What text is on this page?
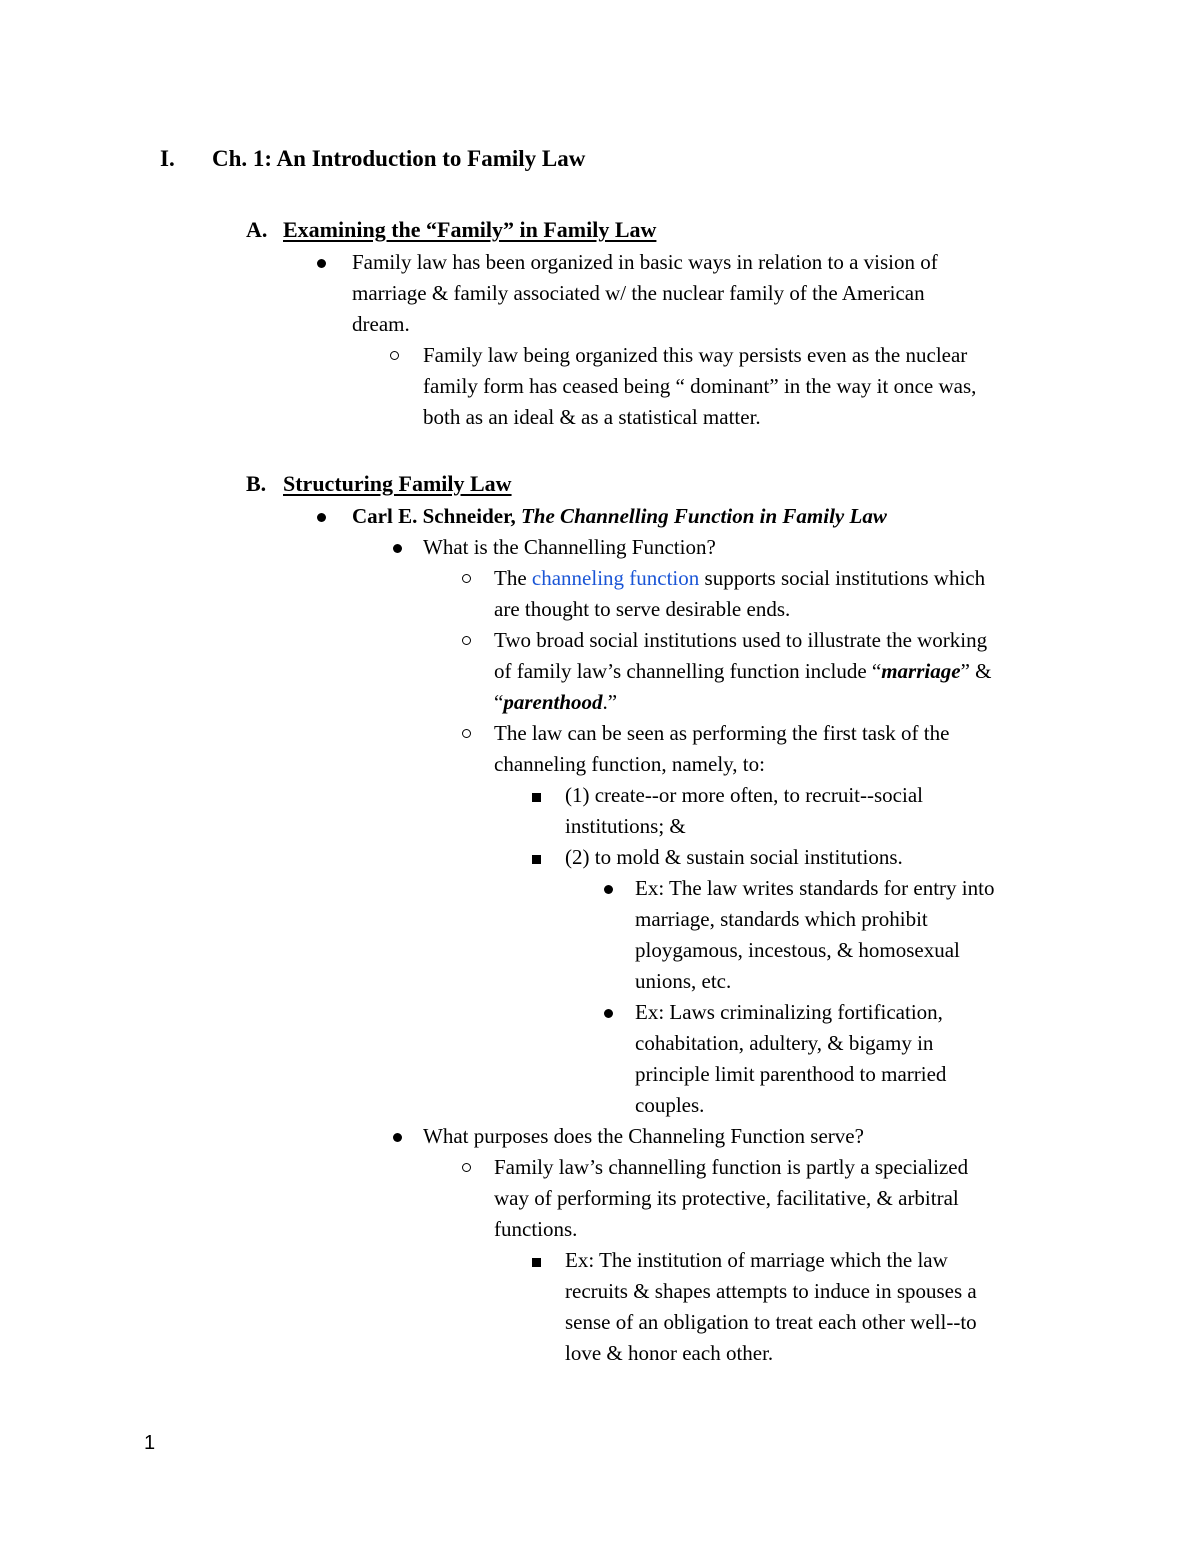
I. Ch. 1: An Introduction to Family Law
A. Examining the “Family” in Family Law
Family law has been organized in basic ways in relation to a vision of
marriage & family associated w/ the nuclear family of the American
dream.
Family law being organized this way persists even as the nuclear
family form has ceased being “ dominant” in the way it once was,
both as an ideal & as a statistical matter.
B. Structuring Family Law
Carl E. Schneider, The Channelling Function in Family Law
What is the Channelling Function?
The channeling function supports social institutions which
are thought to serve desirable ends.
Two broad social institutions used to illustrate the working
of family law’s channelling function include “marriage” &
“parenthood.”
The law can be seen as performing the first task of the
channeling function, namely, to:
(1) create--or more often, to recruit--social
institutions; &
(2) to mold & sustain social institutions.
Ex: The law writes standards for entry into
marriage, standards which prohibit
ploygamous, incestous, & homosexual
unions, etc.
Ex: Laws criminalizing fortification,
cohabitation, adultery, & bigamy in
principle limit parenthood to married
couples.
What purposes does the Channeling Function serve?
Family law’s channelling function is partly a specialized
way of performing its protective, facilitative, & arbitral
functions.
Ex: The institution of marriage which the law
recruits & shapes attempts to induce in spouses a
sense of an obligation to treat each other well--to
love & honor each other.
1
